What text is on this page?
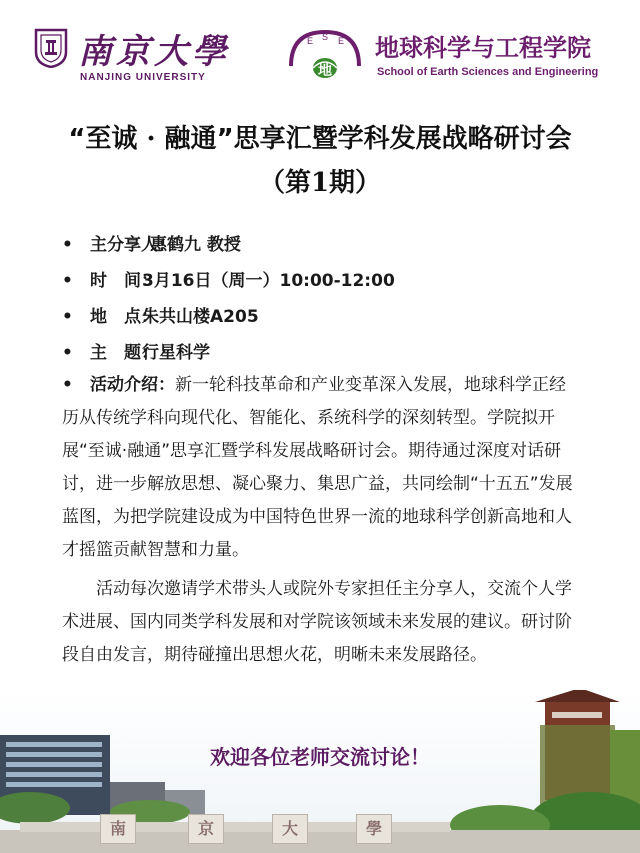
南京大學
NANJING UNIVERSITY
E S E
地
地球科学与工程学院
School of Earth Sciences and Engineering
“至诚 · 融通”思享汇暨学科发展战略研讨会
（第1期）
• 主分享人：
惠鹤九 教授
• 时　间：
3月16日（周一）10:00-12:00
• 地　点：
朱共山楼A205
• 主　题：
行星科学
• 活动介绍：新一轮科技革命和产业变革深入发展，地球科学正经历从传统学科向现代化、智能化、系统科学的深刻转型。学院拟开展“至诚·融通”思享汇暨学科发展战略研讨会。期待通过深度对话研讨，进一步解放思想、凝心聚力、集思广益，共同绘制“十五五”发展蓝图，为把学院建设成为中国特色世界一流的地球科学创新高地和人才摇篮贡献智慧和力量。
活动每次邀请学术带头人或院外专家担任主分享人，交流个人学术进展、国内同类学科发展和对学院该领域未来发展的建议。研讨阶段自由发言，期待碰撞出思想火花，明晰未来发展路径。
欢迎各位老师交流讨论！
南	京	大	學
